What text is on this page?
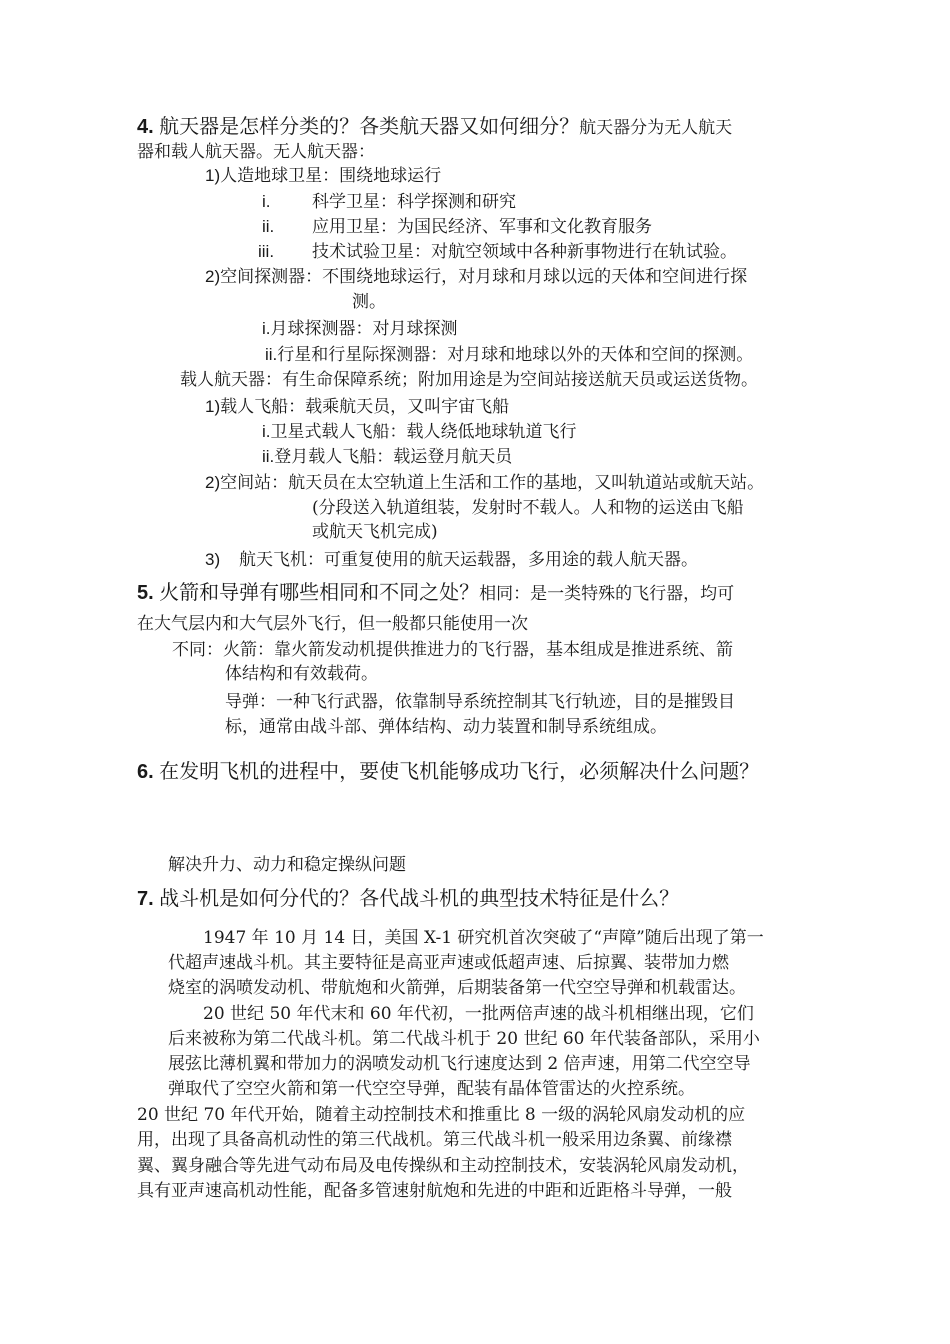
4. 航天器是怎样分类的？各类航天器又如何细分？航天器分为无人航天
器和载人航天器。无人航天器：
1)人造地球卫星：围绕地球运行
i. 科学卫星：科学探测和研究
ii. 应用卫星：为国民经济、军事和文化教育服务
iii. 技术试验卫星：对航空领域中各种新事物进行在轨试验。
2)空间探测器：不围绕地球运行，对月球和月球以远的天体和空间进行探
测。
i.月球探测器：对月球探测
ii.行星和行星际探测器：对月球和地球以外的天体和空间的探测。
载人航天器：有生命保障系统；附加用途是为空间站接送航天员或运送货物。
1)载人飞船：载乘航天员，又叫宇宙飞船
i.卫星式载人飞船：载人绕低地球轨道飞行
ii.登月载人飞船：载运登月航天员
2)空间站：航天员在太空轨道上生活和工作的基地，又叫轨道站或航天站。
(分段送入轨道组装，发射时不载人。人和物的运送由飞船
或航天飞机完成)
3) 航天飞机：可重复使用的航天运载器，多用途的载人航天器。
5. 火箭和导弹有哪些相同和不同之处？相同：是一类特殊的飞行器，均可
在大气层内和大气层外飞行，但一般都只能使用一次
不同：火箭：靠火箭发动机提供推进力的飞行器，基本组成是推进系统、箭
体结构和有效载荷。
导弹：一种飞行武器，依靠制导系统控制其飞行轨迹，目的是摧毁目
标，通常由战斗部、弹体结构、动力装置和制导系统组成。
6. 在发明飞机的进程中，要使飞机能够成功飞行，必须解决什么问题？
解决升力、动力和稳定操纵问题
7. 战斗机是如何分代的？各代战斗机的典型技术特征是什么？
1947 年 10 月 14 日，美国 X-1 研究机首次突破了“声障”随后出现了第一
代超声速战斗机。其主要特征是高亚声速或低超声速、后掠翼、装带加力燃
烧室的涡喷发动机、带航炮和火箭弹，后期装备第一代空空导弹和机载雷达。
20 世纪 50 年代末和 60 年代初，一批两倍声速的战斗机相继出现，它们
后来被称为第二代战斗机。第二代战斗机于 20 世纪 60 年代装备部队，采用小
展弦比薄机翼和带加力的涡喷发动机飞行速度达到 2 倍声速，用第二代空空导
弹取代了空空火箭和第一代空空导弹，配装有晶体管雷达的火控系统。
20 世纪 70 年代开始，随着主动控制技术和推重比 8 一级的涡轮风扇发动机的应
用，出现了具备高机动性的第三代战机。第三代战斗机一般采用边条翼、前缘襟
翼、翼身融合等先进气动布局及电传操纵和主动控制技术，安装涡轮风扇发动机，
具有亚声速高机动性能，配备多管速射航炮和先进的中距和近距格斗导弹，一般
